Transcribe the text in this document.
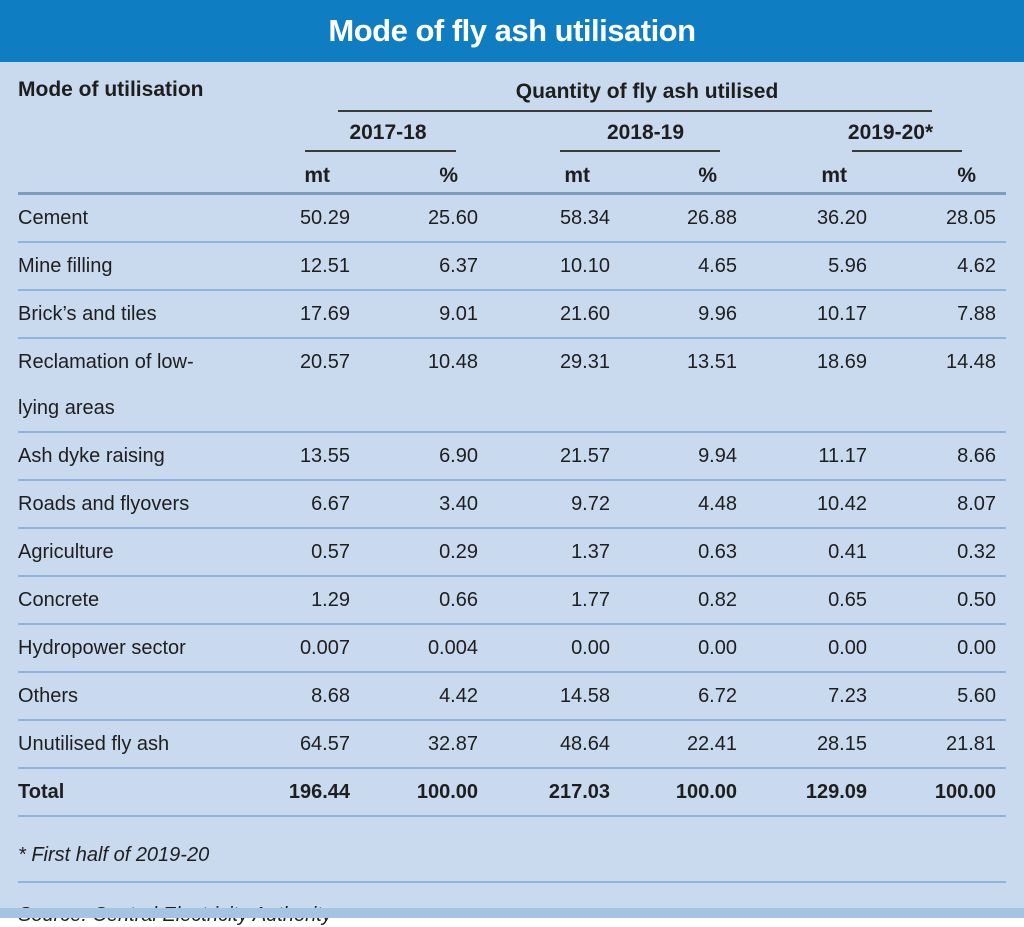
Mode of fly ash utilisation
Mode of utilisation	Quantity of fly ash utilised					

	2017-18		2018-19		2019-20*	

	mt	%	mt	%	mt	%
Cement	50.29	25.60	58.34	26.88	36.20	28.05
Mine filling	12.51	6.37	10.10	4.65	5.96	4.62
Brick’s and tiles	17.69	9.01	21.60	9.96	10.17	7.88
Reclamation of low-lying areas	20.57	10.48	29.31	13.51	18.69	14.48
Ash dyke raising	13.55	6.90	21.57	9.94	11.17	8.66
Roads and flyovers	6.67	3.40	9.72	4.48	10.42	8.07
Agriculture	0.57	0.29	1.37	0.63	0.41	0.32
Concrete	1.29	0.66	1.77	0.82	0.65	0.50
Hydropower sector	0.007	0.004	0.00	0.00	0.00	0.00
Others	8.68	4.42	14.58	6.72	7.23	5.60
Unutilised fly ash	64.57	32.87	48.64	22.41	28.15	21.81
Total	196.44	100.00	217.03	100.00	129.09	100.00

* First half of 2019-20
